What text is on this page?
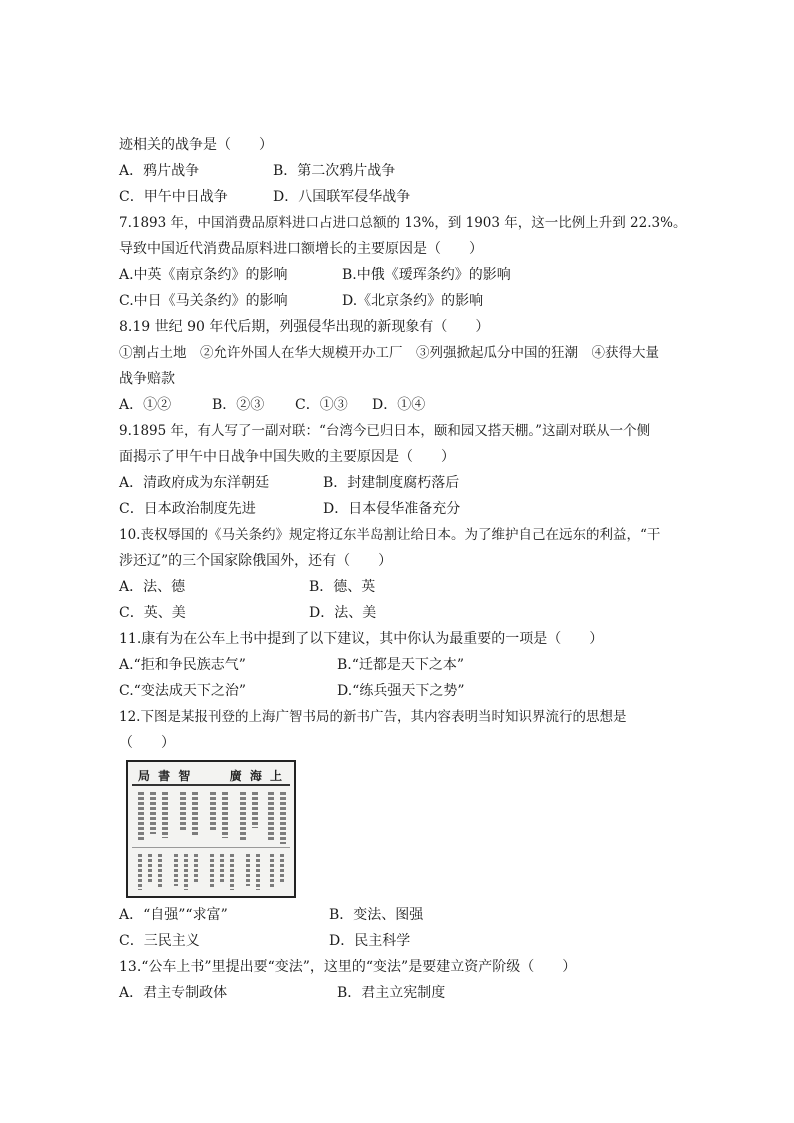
迹相关的战争是（　　）
A．鸦片战争	B．第二次鸦片战争
C．甲午中日战争	D．八国联军侵华战争
7.1893 年，中国消费品原料进口占进口总额的 13%，到 1903 年，这一比例上升到 22.3%。
导致中国近代消费品原料进口额增长的主要原因是（　　）
A.中英《南京条约》的影响	B.中俄《瑷珲条约》的影响
C.中日《马关条约》的影响	D.《北京条约》的影响
8.19 世纪 90 年代后期，列强侵华出现的新现象有（　　）
①割占土地　②允许外国人在华大规模开办工厂　③列强掀起瓜分中国的狂潮　④获得大量
战争赔款
A．①②	B．②③ C．①③ D．①④
9.1895 年，有人写了一副对联：“台湾今已归日本，颐和园又搭天棚。”这副对联从一个侧
面揭示了甲午中日战争中国失败的主要原因是（　　）
A．清政府成为东洋朝廷	B．封建制度腐朽落后
C．日本政治制度先进	D．日本侵华准备充分
10.丧权辱国的《马关条约》规定将辽东半岛割让给日本。为了维护自己在远东的利益，“干
涉还辽”的三个国家除俄国外，还有（　　）
A．法、德	B．德、英
C．英、美	D．法、美
11.康有为在公车上书中提到了以下建议，其中你认为最重要的一项是（　　）
A.“拒和争民族志气”	B.“迁都是天下之本”
C.“变法成天下之治”	D.“练兵强天下之势”
12.下图是某报刊登的上海广智书局的新书广告，其内容表明当时知识界流行的思想是
（　　）
局 書 智	廣 海 上
A．“自强”“求富”	B．变法、图强
C．三民主义	D．民主科学
13.“公车上书”里提出要“变法”，这里的“变法”是要建立资产阶级（　　）
A．君主专制政体	B．君主立宪制度
